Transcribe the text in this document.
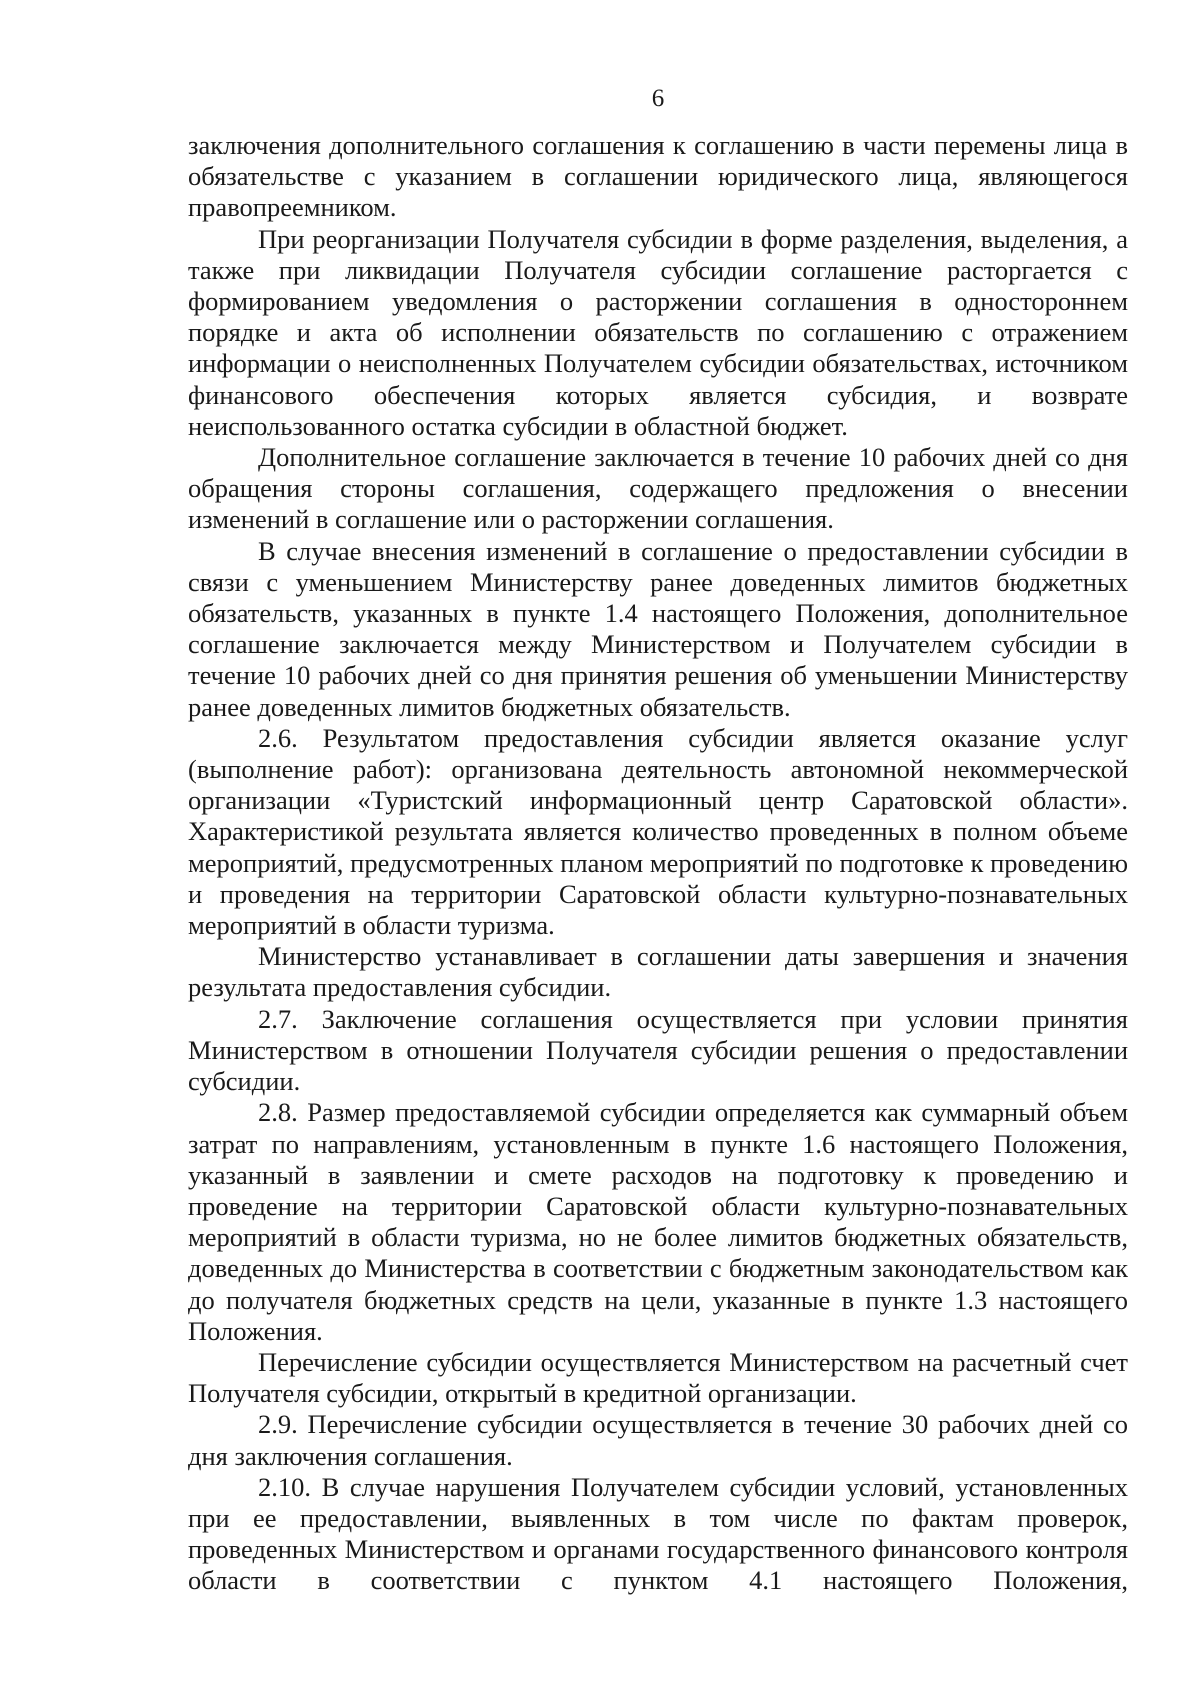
6

заключения дополнительного соглашения к соглашению в части перемены лица в обязательстве с указанием в соглашении юридического лица, являющегося правопреемником.

При реорганизации Получателя субсидии в форме разделения, выделения, а также при ликвидации Получателя субсидии соглашение расторгается с формированием уведомления о расторжении соглашения в одностороннем порядке и акта об исполнении обязательств по соглашению с отражением информации о неисполненных Получателем субсидии обязательствах, источником финансового обеспечения которых является субсидия, и возврате неиспользованного остатка субсидии в областной бюджет.

Дополнительное соглашение заключается в течение 10 рабочих дней со дня обращения стороны соглашения, содержащего предложения о внесении изменений в соглашение или о расторжении соглашения.

В случае внесения изменений в соглашение о предоставлении субсидии в связи с уменьшением Министерству ранее доведенных лимитов бюджетных обязательств, указанных в пункте 1.4 настоящего Положения, дополнительное соглашение заключается между Министерством и Получателем субсидии в течение 10 рабочих дней со дня принятия решения об уменьшении Министерству ранее доведенных лимитов бюджетных обязательств.

2.6. Результатом предоставления субсидии является оказание услуг (выполнение работ): организована деятельность автономной некоммерческой организации «Туристский информационный центр Саратовской области». Характеристикой результата является количество проведенных в полном объеме мероприятий, предусмотренных планом мероприятий по подготовке к проведению и проведения на территории Саратовской области культурно-познавательных мероприятий в области туризма.

Министерство устанавливает в соглашении даты завершения и значения результата предоставления субсидии.

2.7. Заключение соглашения осуществляется при условии принятия Министерством в отношении Получателя субсидии решения о предоставлении субсидии.

2.8. Размер предоставляемой субсидии определяется как суммарный объем затрат по направлениям, установленным в пункте 1.6 настоящего Положения, указанный в заявлении и смете расходов на подготовку к проведению и проведение на территории Саратовской области культурно-познавательных мероприятий в области туризма, но не более лимитов бюджетных обязательств, доведенных до Министерства в соответствии с бюджетным законодательством как до получателя бюджетных средств на цели, указанные в пункте 1.3 настоящего Положения.

Перечисление субсидии осуществляется Министерством на расчетный счет Получателя субсидии, открытый в кредитной организации.

2.9. Перечисление субсидии осуществляется в течение 30 рабочих дней со дня заключения соглашения.

2.10. В случае нарушения Получателем субсидии условий, установленных при ее предоставлении, выявленных в том числе по фактам проверок, проведенных Министерством и органами государственного финансового контроля области в соответствии с пунктом 4.1 настоящего Положения,
